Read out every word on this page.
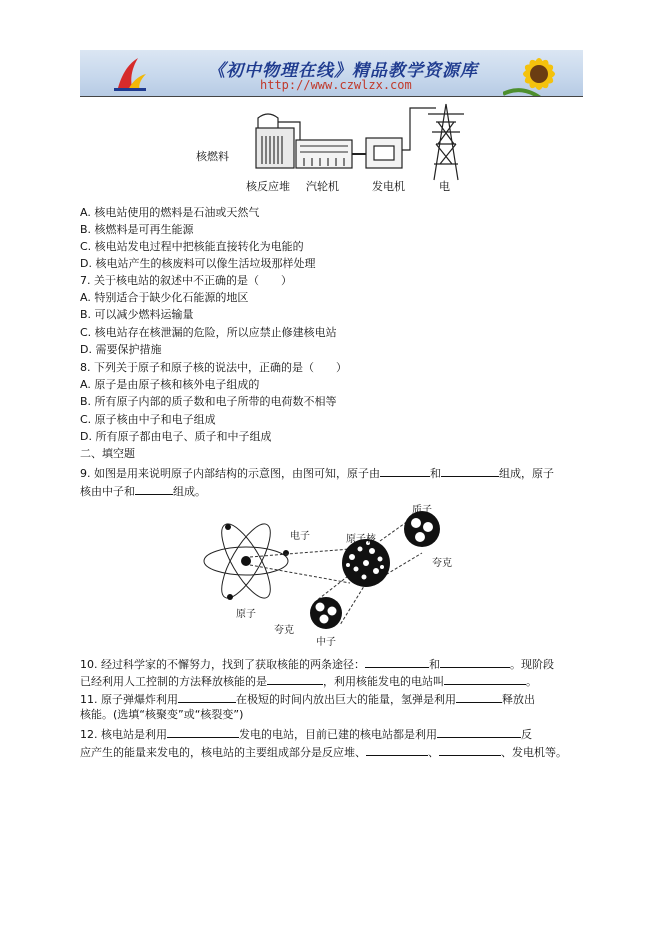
《初中物理在线》精品教学资源库
http://www.czwlzx.com
核燃料
核反应堆 汽轮机	发电机	电
A. 核电站使用的燃料是石油或天然气
B. 核燃料是可再生能源
C. 核电站发电过程中把核能直接转化为电能的
D. 核电站产生的核废料可以像生活垃圾那样处理
7. 关于核电站的叙述中不正确的是（　　）
A. 特别适合于缺少化石能源的地区
B. 可以减少燃料运输量
C. 核电站存在核泄漏的危险，所以应禁止修建核电站
D. 需要保护措施
8. 下列关于原子和原子核的说法中，正确的是（　　）
A. 原子是由原子核和核外电子组成的
B. 所有原子内部的质子数和电子所带的电荷数不相等
C. 原子核由中子和电子组成
D. 所有原子都由电子、质子和中子组成
二、填空题
9. 如图是用来说明原子内部结构的示意图，由图可知，原子由	和	组成，原子
核由中子和	组成。
电子	原子核
质子
夸克
原子
夸克
中子
10. 经过科学家的不懈努力，找到了获取核能的两条途径：	和	。现阶段
已经利用人工控制的方法释放核能的是	，利用核能发电的电站叫	。
11. 原子弹爆炸利用	在极短的时间内放出巨大的能量，氢弹是利用	释放出
核能。(选填“核聚变”或“核裂变”)
12. 核电站是利用	发电的电站，目前已建的核电站都是利用	反
应产生的能量来发电的，核电站的主要组成部分是反应堆、	、	、发电机等。
